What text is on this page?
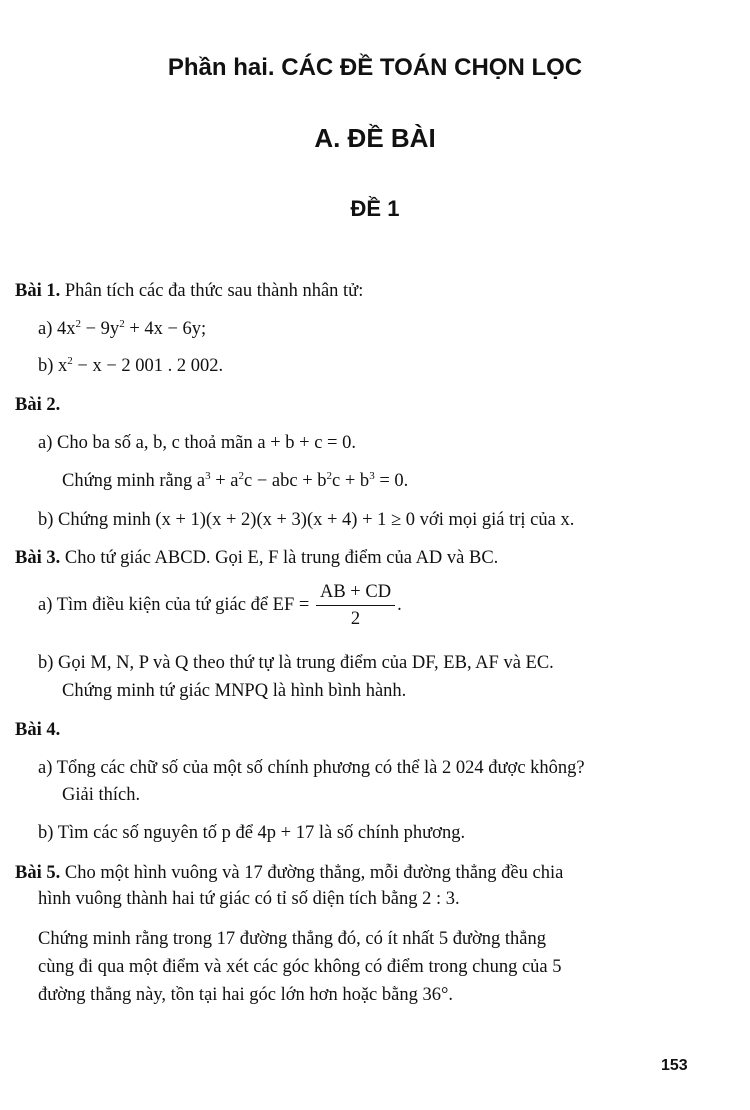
Phần hai. CÁC ĐỀ TOÁN CHỌN LỌC
A. ĐỀ BÀI
ĐỀ 1
Bài 1. Phân tích các đa thức sau thành nhân tử:
a) $4x^2 - 9y^2 + 4x - 6y$;
b) $x^2 - x - 2$ 001 . 2 002.
Bài 2.
a) Cho ba số a, b, c thoả mãn a + b + c = 0.
Chứng minh rằng $a^3 + a^2c$ − abc + $b^2c + b^3 = 0$.
b) Chứng minh (x + 1)(x + 2)(x + 3)(x + 4) + 1 ≥ 0 với mọi giá trị của x.
Bài 3. Cho tứ giác ABCD. Gọi E, F là trung điểm của AD và BC.
a) Tìm điều kiện của tứ giác để EF = $\frac{AB + CD}{2}$ .
b) Gọi M, N, P và Q theo thứ tự là trung điểm của DF, EB, AF và EC.
Chứng minh tứ giác MNPQ là hình bình hành.
Bài 4.
a) Tổng các chữ số của một số chính phương có thể là 2 024 được không?
Giải thích.
b) Tìm các số nguyên tố p để 4p + 17 là số chính phương.
Bài 5. Cho một hình vuông và 17 đường thẳng, mỗi đường thẳng đều chia
hình vuông thành hai tứ giác có tỉ số diện tích bằng 2 : 3.
Chứng minh rằng trong 17 đường thẳng đó, có ít nhất 5 đường thẳng
cùng đi qua một điểm và xét các góc không có điểm trong chung của 5
đường thẳng này, tồn tại hai góc lớn hơn hoặc bằng 36°.
153
